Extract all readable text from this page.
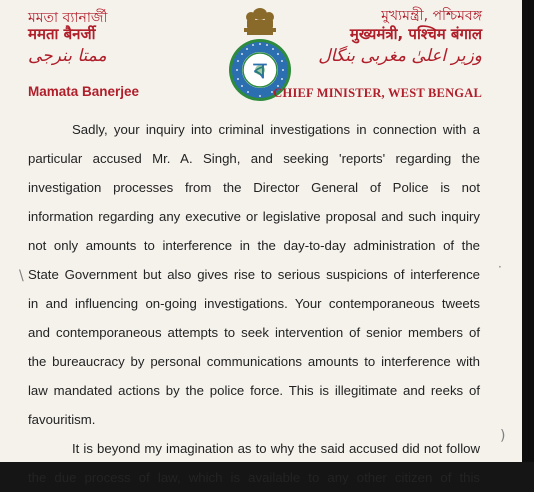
মমতা ব্যানার্জী
ममता बैनर्जी
ممتا بنرجی
Mamata Banerjee
ব
মুখ্যমন্ত্রী, পশ্চিমবঙ্গ
मुख्यमंत्री, पश्चिम बंगाल
وزیر اعلیٰ مغربی بنگال
CHIEF MINISTER, WEST BENGAL
Sadly, your inquiry into criminal investigations in connection with a
particular accused Mr. A. Singh, and seeking 'reports' regarding the
investigation processes from the Director General of Police is not
information regarding any executive or legislative proposal and such inquiry
not only amounts to interference in the day-to-day administration of the
State Government but also gives rise to serious suspicions of interference
in and influencing on-going investigations. Your contemporaneous tweets
and contemporaneous attempts to seek intervention of senior members of
the bureaucracy by personal communications amounts to interference with
law mandated actions by the police force. This is illegitimate and reeks of
favouritism.
It is beyond my imagination as to why the said accused did not follow
the due process of law, which is available to any other citizen of this
·
\
)
